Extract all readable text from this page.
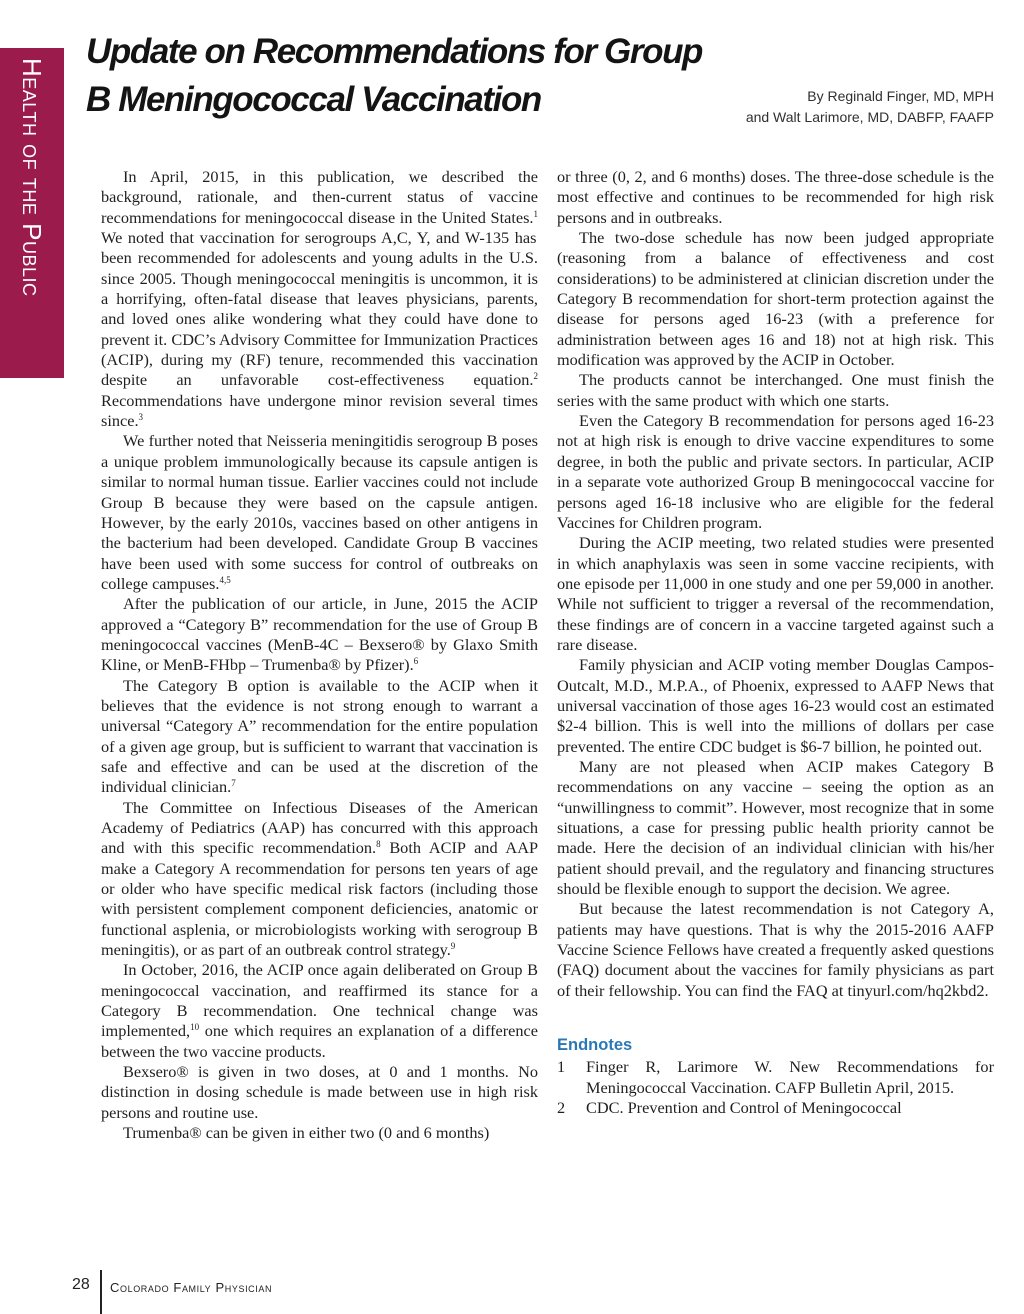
Health of the Public
Update on Recommendations for Group B Meningococcal Vaccination	By Reginald Finger, MD, MPH
and Walt Larimore, MD, DABFP, FAAFP

In April, 2015, in this publication, we described the background, rationale, and then-current status of vaccine recommendations for meningococcal disease in the United States.$^1$ We noted that vaccination for serogroups A,C, Y, and W-135 has been recommended for adolescents and young adults in the U.S. since 2005. Though meningococcal meningitis is uncommon, it is a horrifying, often-fatal disease that leaves physicians, parents, and loved ones alike wondering what they could have done to prevent it. CDC’s Advisory Committee for Immunization Practices (ACIP), during my (RF) tenure, recommended this vaccination despite an unfavorable cost-effectiveness equation.$^2$ Recommendations have undergone minor revision several times since.$^3$

We further noted that Neisseria meningitidis serogroup B poses a unique problem immunologically because its capsule antigen is similar to normal human tissue. Earlier vaccines could not include Group B because they were based on the capsule antigen. However, by the early 2010s, vaccines based on other antigens in the bacterium had been developed. Candidate Group B vaccines have been used with some success for control of outbreaks on college campuses.$^{4,5}$

After the publication of our article, in June, 2015 the ACIP approved a “Category B” recommendation for the use of Group B meningococcal vaccines (MenB-4C – Bexsero® by Glaxo Smith Kline, or MenB-FHbp – Trumenba® by Pfizer).$^6$

The Category B option is available to the ACIP when it believes that the evidence is not strong enough to warrant a universal “Category A” recommendation for the entire population of a given age group, but is sufficient to warrant that vaccination is safe and effective and can be used at the discretion of the individual clinician.$^7$

The Committee on Infectious Diseases of the American Academy of Pediatrics (AAP) has concurred with this approach and with this specific recommendation.$^8$ Both ACIP and AAP make a Category A recommendation for persons ten years of age or older who have specific medical risk factors (including those with persistent complement component deficiencies, anatomic or functional asplenia, or microbiologists working with serogroup B meningitis), or as part of an outbreak control strategy.$^9$

In October, 2016, the ACIP once again deliberated on Group B meningococcal vaccination, and reaffirmed its stance for a Category B recommendation. One technical change was implemented,$^{10}$ one which requires an explanation of a difference between the two vaccine products.

Bexsero® is given in two doses, at 0 and 1 months. No distinction in dosing schedule is made between use in high risk persons and routine use.

Trumenba® can be given in either two (0 and 6 months)

or three (0, 2, and 6 months) doses. The three-dose schedule is the most effective and continues to be recommended for high risk persons and in outbreaks.

The two-dose schedule has now been judged appropriate (reasoning from a balance of effectiveness and cost considerations) to be administered at clinician discretion under the Category B recommendation for short-term protection against the disease for persons aged 16-23 (with a preference for administration between ages 16 and 18) not at high risk. This modification was approved by the ACIP in October.

The products cannot be interchanged. One must finish the series with the same product with which one starts.

Even the Category B recommendation for persons aged 16-23 not at high risk is enough to drive vaccine expenditures to some degree, in both the public and private sectors. In particular, ACIP in a separate vote authorized Group B meningococcal vaccine for persons aged 16-18 inclusive who are eligible for the federal Vaccines for Children program.

During the ACIP meeting, two related studies were presented in which anaphylaxis was seen in some vaccine recipients, with one episode per 11,000 in one study and one per 59,000 in another. While not sufficient to trigger a reversal of the recommendation, these findings are of concern in a vaccine targeted against such a rare disease.

Family physician and ACIP voting member Douglas Campos-Outcalt, M.D., M.P.A., of Phoenix, expressed to AAFP News that universal vaccination of those ages 16-23 would cost an estimated $2-4 billion. This is well into the millions of dollars per case prevented. The entire CDC budget is $6-7 billion, he pointed out.

Many are not pleased when ACIP makes Category B recommendations on any vaccine – seeing the option as an “unwillingness to commit”. However, most recognize that in some situations, a case for pressing public health priority cannot be made. Here the decision of an individual clinician with his/her patient should prevail, and the regulatory and financing structures should be flexible enough to support the decision. We agree.

But because the latest recommendation is not Category A, patients may have questions. That is why the 2015-2016 AAFP Vaccine Science Fellows have created a frequently asked questions (FAQ) document about the vaccines for family physicians as part of their fellowship. You can find the FAQ at tinyurl.com/hq2kbd2.

Endnotes
1	Finger R, Larimore W. New Recommendations for Meningococcal Vaccination. CAFP Bulletin April, 2015.
2	CDC. Prevention and Control of Meningococcal
28 Colorado Family Physician
